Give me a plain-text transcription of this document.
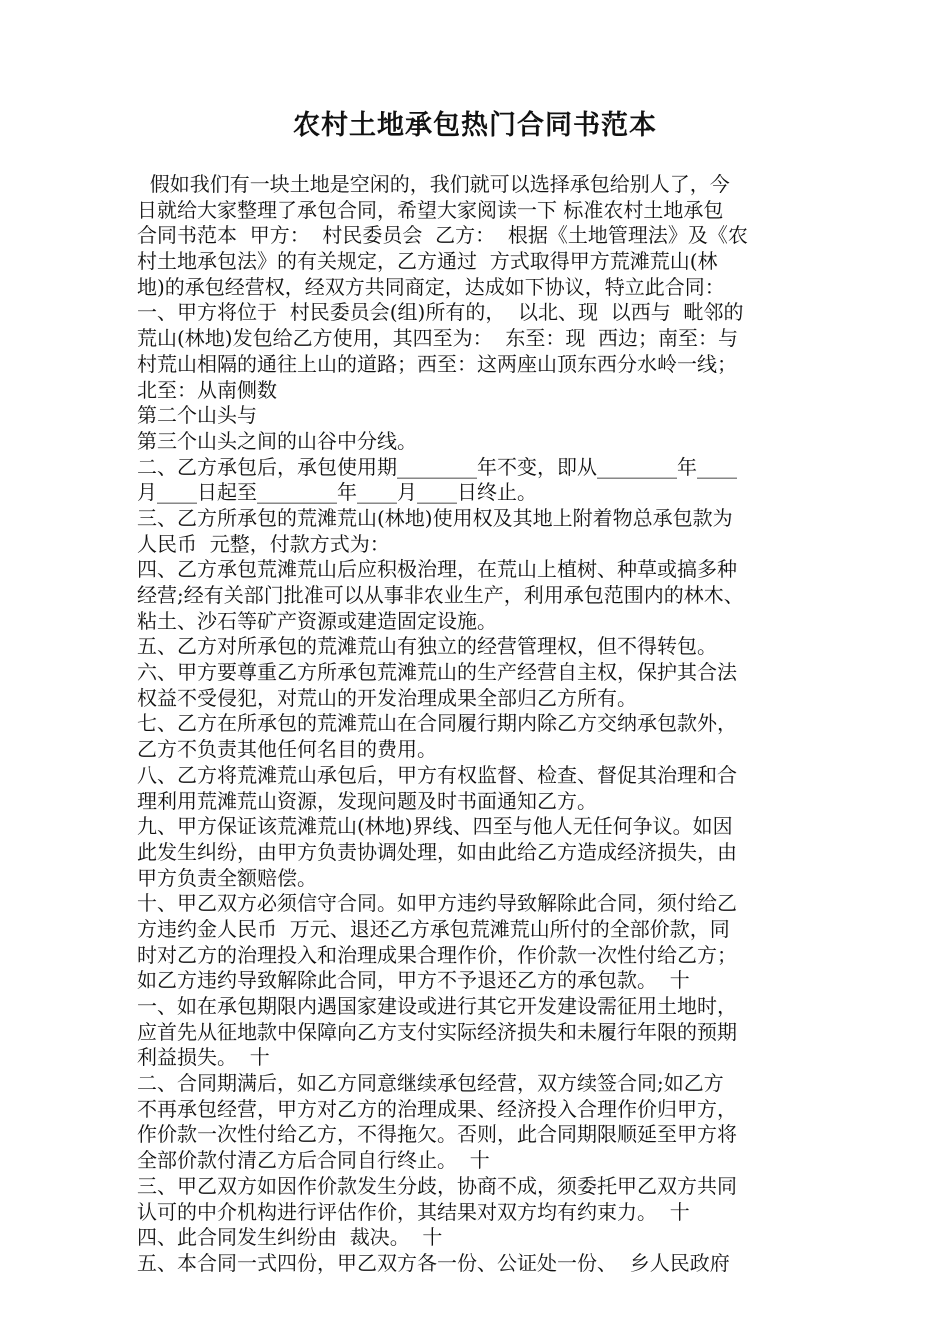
农村土地承包热门合同书范本
假如我们有一块土地是空闲的，我们就可以选择承包给别人了，今
日就给大家整理了承包合同，希望大家阅读一下 标准农村土地承包
合同书范本  甲方：  村民委员会  乙方：  根据《土地管理法》及《农
村土地承包法》的有关规定，乙方通过  方式取得甲方荒滩荒山(林
地)的承包经营权，经双方共同商定，达成如下协议，特立此合同：
一、甲方将位于  村民委员会(组)所有的，  以北、现  以西与  毗邻的
荒山(林地)发包给乙方使用，其四至为：  东至：现  西边；南至：与
村荒山相隔的通往上山的道路；西至：这两座山顶东西分水岭一线；
北至：从南侧数
第二个山头与
第三个山头之间的山谷中分线。
二、乙方承包后，承包使用期________年不变，即从________年____
月____日起至________年____月____日终止。
三、乙方所承包的荒滩荒山(林地)使用权及其地上附着物总承包款为
人民币  元整，付款方式为：
四、乙方承包荒滩荒山后应积极治理，在荒山上植树、种草或搞多种
经营;经有关部门批准可以从事非农业生产，利用承包范围内的林木、
粘土、沙石等矿产资源或建造固定设施。
五、乙方对所承包的荒滩荒山有独立的经营管理权，但不得转包。
六、甲方要尊重乙方所承包荒滩荒山的生产经营自主权，保护其合法
权益不受侵犯，对荒山的开发治理成果全部归乙方所有。
七、乙方在所承包的荒滩荒山在合同履行期内除乙方交纳承包款外，
乙方不负责其他任何名目的费用。
八、乙方将荒滩荒山承包后，甲方有权监督、检查、督促其治理和合
理利用荒滩荒山资源，发现问题及时书面通知乙方。
九、甲方保证该荒滩荒山(林地)界线、四至与他人无任何争议。如因
此发生纠纷，由甲方负责协调处理，如由此给乙方造成经济损失，由
甲方负责全额赔偿。
十、甲乙双方必须信守合同。如甲方违约导致解除此合同，须付给乙
方违约金人民币  万元、退还乙方承包荒滩荒山所付的全部价款，同
时对乙方的治理投入和治理成果合理作价，作价款一次性付给乙方；
如乙方违约导致解除此合同，甲方不予退还乙方的承包款。  十
一、如在承包期限内遇国家建设或进行其它开发建设需征用土地时，
应首先从征地款中保障向乙方支付实际经济损失和未履行年限的预期
利益损失。  十
二、合同期满后，如乙方同意继续承包经营，双方续签合同;如乙方
不再承包经营，甲方对乙方的治理成果、经济投入合理作价归甲方，
作价款一次性付给乙方，不得拖欠。否则，此合同期限顺延至甲方将
全部价款付清乙方后合同自行终止。  十
三、甲乙双方如因作价款发生分歧，协商不成，须委托甲乙双方共同
认可的中介机构进行评估作价，其结果对双方均有约束力。  十
四、此合同发生纠纷由  裁决。  十
五、本合同一式四份，甲乙双方各一份、公证处一份、  乡人民政府
